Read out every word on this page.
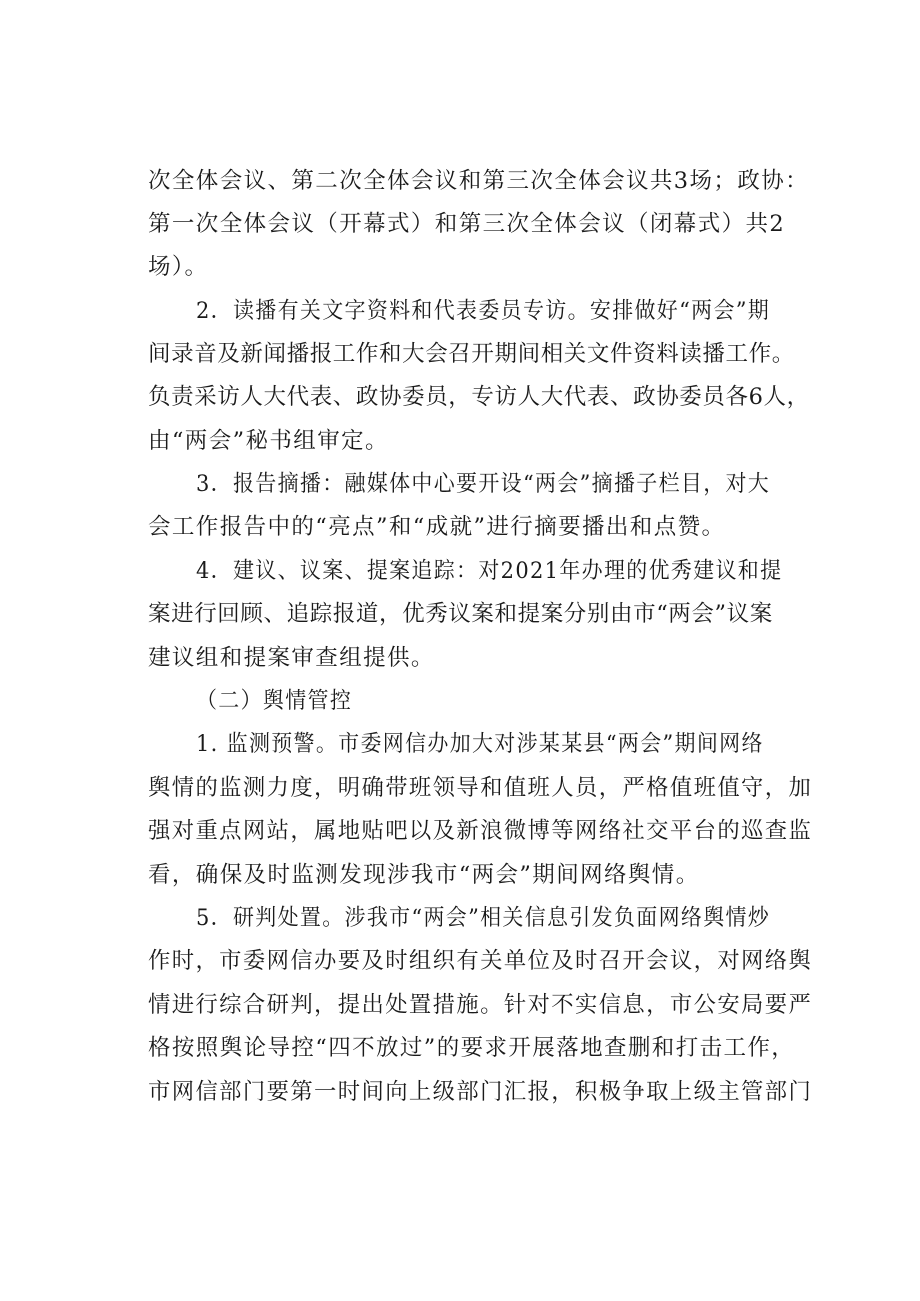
次全体会议、第二次全体会议和第三次全体会议共3场；政协：
第一次全体会议（开幕式）和第三次全体会议（闭幕式）共2
场）。
2．读播有关文字资料和代表委员专访。安排做好“两会”期
间录音及新闻播报工作和大会召开期间相关文件资料读播工作。
负责采访人大代表、政协委员，专访人大代表、政协委员各6人，
由“两会”秘书组审定。
3．报告摘播：融媒体中心要开设“两会”摘播子栏目，对大
会工作报告中的“亮点”和“成就”进行摘要播出和点赞。
4．建议、议案、提案追踪：对2021年办理的优秀建议和提
案进行回顾、追踪报道，优秀议案和提案分别由市“两会”议案
建议组和提案审查组提供。
（二）舆情管控
1. 监测预警。市委网信办加大对涉某某县“两会”期间网络
舆情的监测力度，明确带班领导和值班人员，严格值班值守，加
强对重点网站，属地贴吧以及新浪微博等网络社交平台的巡查监
看，确保及时监测发现涉我市“两会”期间网络舆情。
5．研判处置。涉我市“两会”相关信息引发负面网络舆情炒
作时，市委网信办要及时组织有关单位及时召开会议，对网络舆
情进行综合研判，提出处置措施。针对不实信息，市公安局要严
格按照舆论导控“四不放过”的要求开展落地查删和打击工作，
市网信部门要第一时间向上级部门汇报，积极争取上级主管部门
